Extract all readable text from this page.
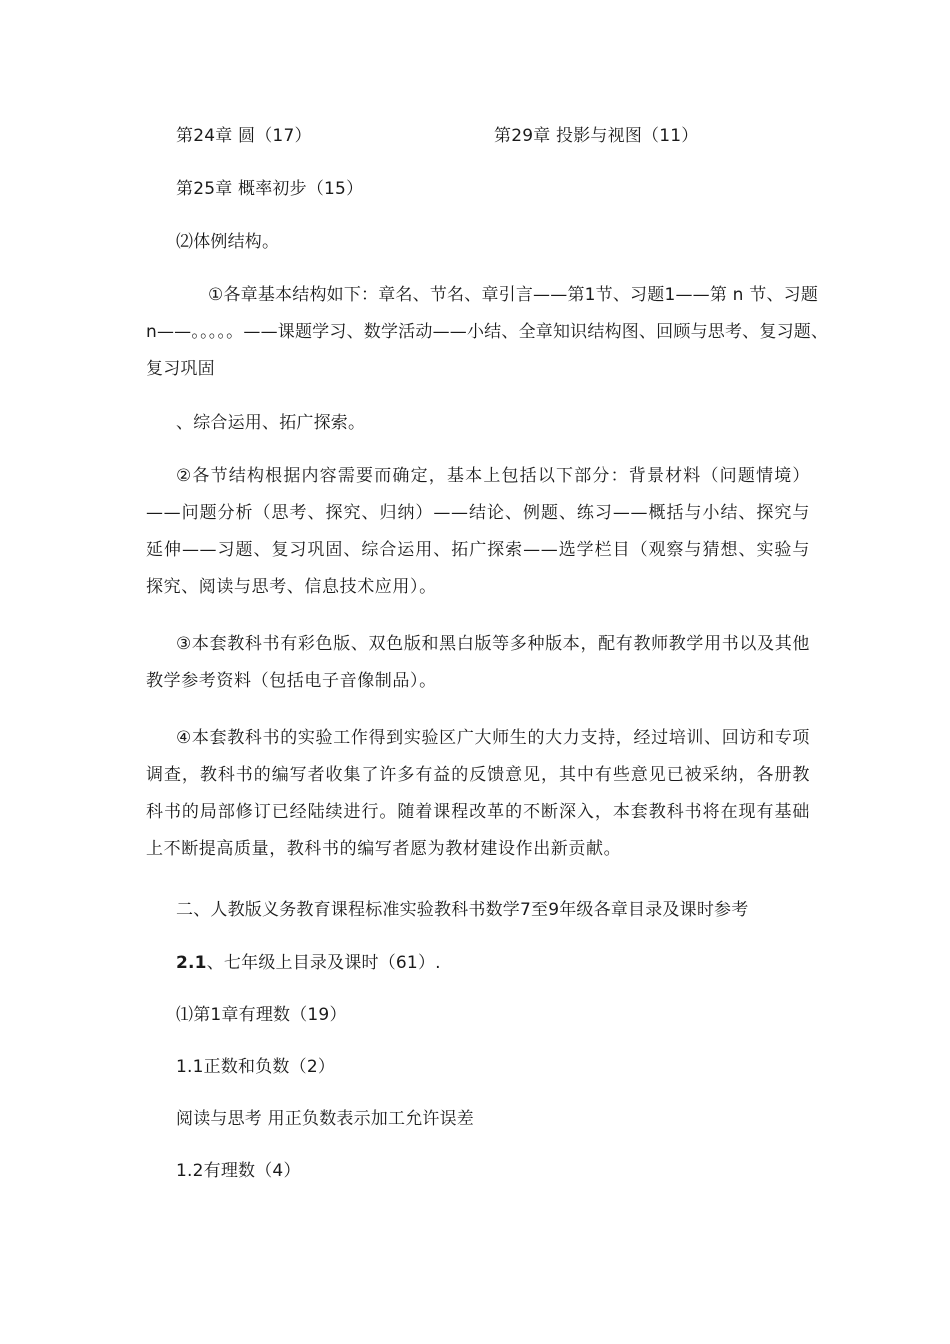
第24章 圆（17）	第29章 投影与视图（11）
第25章 概率初步（15）
⑵体例结构。
①各章基本结构如下：章名、节名、章引言——第1节、习题1——第 n 节、习题
n——。。。。。——课题学习、数学活动——小结、全章知识结构图、回顾与思考、复习题、
复习巩固
、综合运用、拓广探索。
②各节结构根据内容需要而确定，基本上包括以下部分：背景材料（问题情境）——问题分析（思考、探究、归纳）——结论、例题、练习——概括与小结、探究与延伸——习题、复习巩固、综合运用、拓广探索——选学栏目（观察与猜想、实验与探究、阅读与思考、信息技术应用）。
③本套教科书有彩色版、双色版和黑白版等多种版本，配有教师教学用书以及其他教学参考资料（包括电子音像制品）。
④本套教科书的实验工作得到实验区广大师生的大力支持，经过培训、回访和专项调查，教科书的编写者收集了许多有益的反馈意见，其中有些意见已被采纳，各册教科书的局部修订已经陆续进行。随着课程改革的不断深入，本套教科书将在现有基础上不断提高质量，教科书的编写者愿为教材建设作出新贡献。
二、人教版义务教育课程标准实验教科书数学7至9年级各章目录及课时参考
2.1、七年级上目录及课时（61）.
⑴第1章有理数（19）
1.1正数和负数（2）
阅读与思考 用正负数表示加工允许误差
1.2有理数（4）
